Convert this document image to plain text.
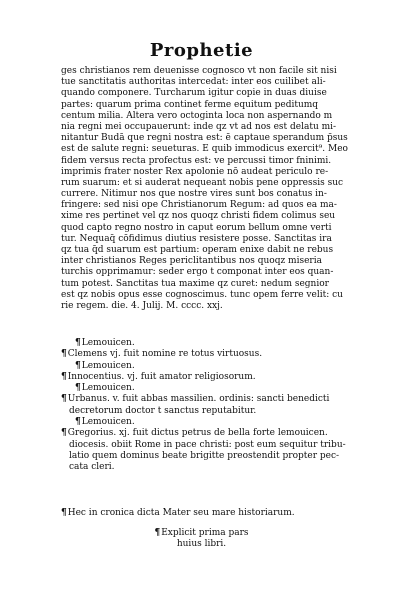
Prophetie
ges christianos rem deuenisse cognosco vt non facile sit nisi
tue sanctitatis authoritas intercedat: inter eos cuilibet ali-
quando componere. Turcharum igitur copie in duas diuise
partes: quarum prima continet ferme equitum peditumq
centum milia. Altera vero octoginta loca non aspernando m
nia regni mei occupauerunt: inde qz vt ad nos est delatu mi-
nitantur Budā que regni nostra est: ē captaue sperandum p̄sus
est de salute regni: seueturas. E quib̄ immodicus exercit⁹. Meo
fidem versus recta profectus est: ve percussi timor fninimi.
imprimis frater noster Rex apolonie nō audeat periculo re-
rum suarum: et si auderat nequeant nobis pene oppressis suc
currere. Nitimur nos que nostre vires sunt bos conatus in-
fringere: sed nisi ope Christianorum Regum: ad quos ea ma-
xime res pertinet vel qz nos quoqz christi fidem colimus seu
quod capto regno nostro in caput eorum bellum omne verti
tur. Nequaq̄ cōfidimus diutius resistere posse. Sanctitas ira
qz tua q̄d suarum est partium: operam enixe dabit ne rebus
inter christianos Reges periclitantibus nos quoqz miseria
turchis opprimamur: seder ergo t componat inter eos quan-
tum potest. Sanctitas tua maxime qz curet: nedum segnior
est qz nobis opus esse cognoscimus. tunc opem ferre velit: cu
rie regem. die. 4. Julij. M. cccc. xxj.
¶Lemouicen.
¶Clemens vj. fuit nomine re totus virtuosus.
¶Lemouicen.
¶Innocentius. vj. fuit amator religiosorum.
¶Lemouicen.
¶Urbanus. v. fuit abbas massilien. ordinis: sancti benedicti
decretorum doctor t sanctus reputabitur.
¶Lemouicen.
¶Gregorius. xj. fuit dictus petrus de bella forte lemouicen.
diocesis. obiit Rome in pace christi: post eum sequitur tribu-
latio quem dominus beate brigitte preostendit propter pec-
cata cleri.
¶Hec in cronica dicta Mater seu mare historiarum.
¶Explicit prima pars
huius libri.
